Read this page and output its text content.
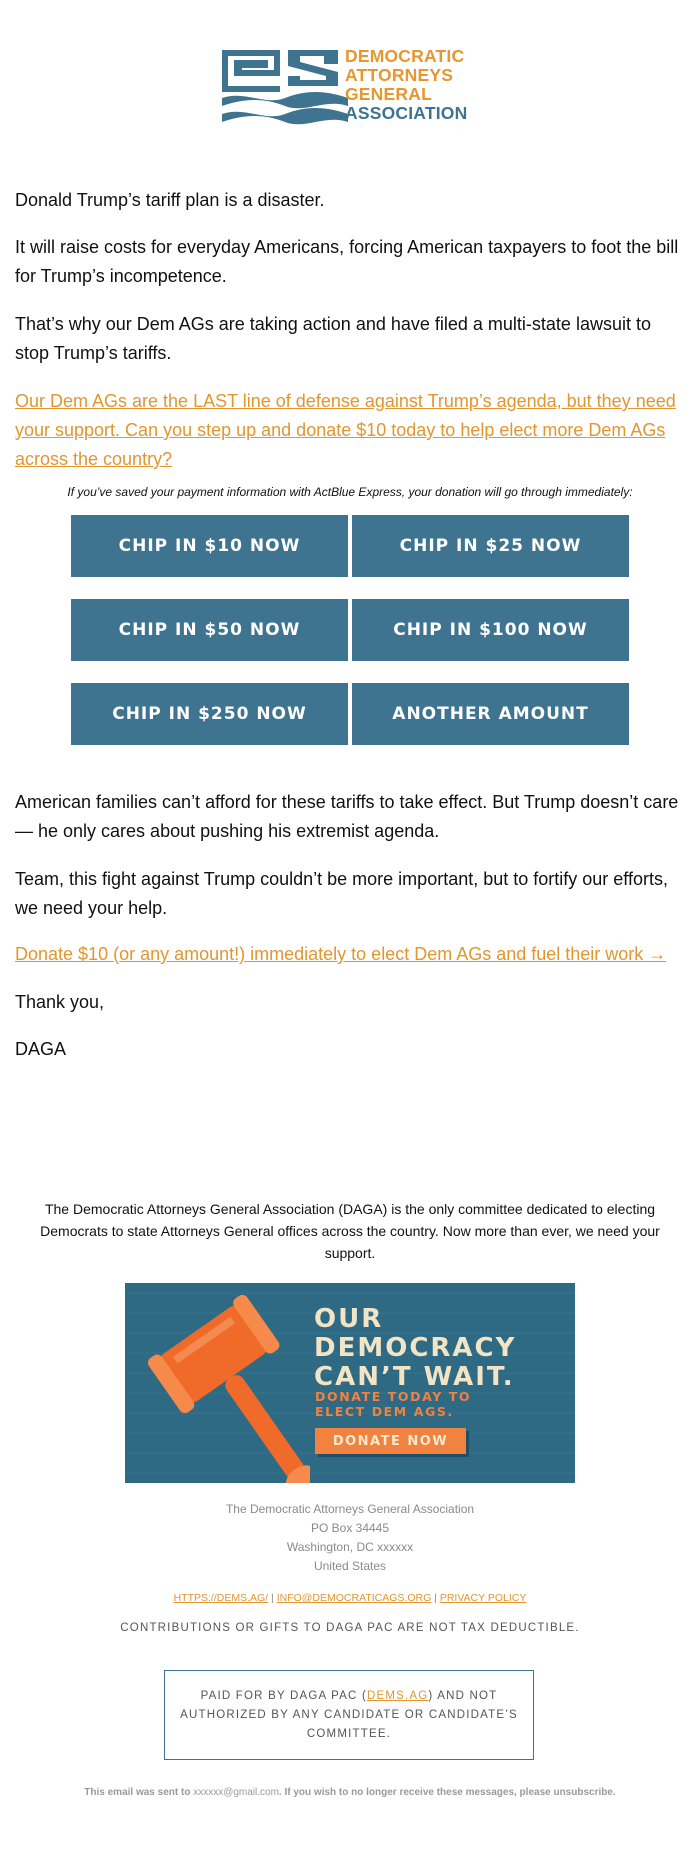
DEMOCRATIC
ATTORNEYS
GENERAL
ASSOCIATION

Donald Trump’s tariff plan is a disaster.

It will raise costs for everyday Americans, forcing American taxpayers to foot the bill for Trump’s incompetence.

That’s why our Dem AGs are taking action and have filed a multi-state lawsuit to stop Trump’s tariffs.

Our Dem AGs are the LAST line of defense against Trump’s agenda, but they need your support. Can you step up and donate $10 today to help elect more Dem AGs across the country?

If you’ve saved your payment information with ActBlue Express, your donation will go through immediately:

CHIP IN $10 NOW	CHIP IN $25 NOW
CHIP IN $50 NOW	CHIP IN $100 NOW
CHIP IN $250 NOW	ANOTHER AMOUNT

American families can’t afford for these tariffs to take effect. But Trump doesn’t care — he only cares about pushing his extremist agenda.

Team, this fight against Trump couldn’t be more important, but to fortify our efforts, we need your help.

Donate $10 (or any amount!) immediately to elect Dem AGs and fuel their work →

Thank you,

DAGA

The Democratic Attorneys General Association (DAGA) is the only committee dedicated to electing Democrats to state Attorneys General offices across the country. Now more than ever, we need your support.

OUR
DEMOCRACY
CAN’T WAIT.
DONATE TODAY TO
ELECT DEM AGS.
DONATE NOW

The Democratic Attorneys General Association
PO Box 34445
Washington, DC xxxxxx
United States

HTTPS://DEMS.AG/ | INFO@DEMOCRATICAGS.ORG | PRIVACY POLICY

CONTRIBUTIONS OR GIFTS TO DAGA PAC ARE NOT TAX DEDUCTIBLE.

PAID FOR BY DAGA PAC (DEMS.AG) AND NOT AUTHORIZED BY ANY CANDIDATE OR CANDIDATE’S COMMITTEE.

This email was sent to xxxxxx@gmail.com. If you wish to no longer receive these messages, please unsubscribe.
